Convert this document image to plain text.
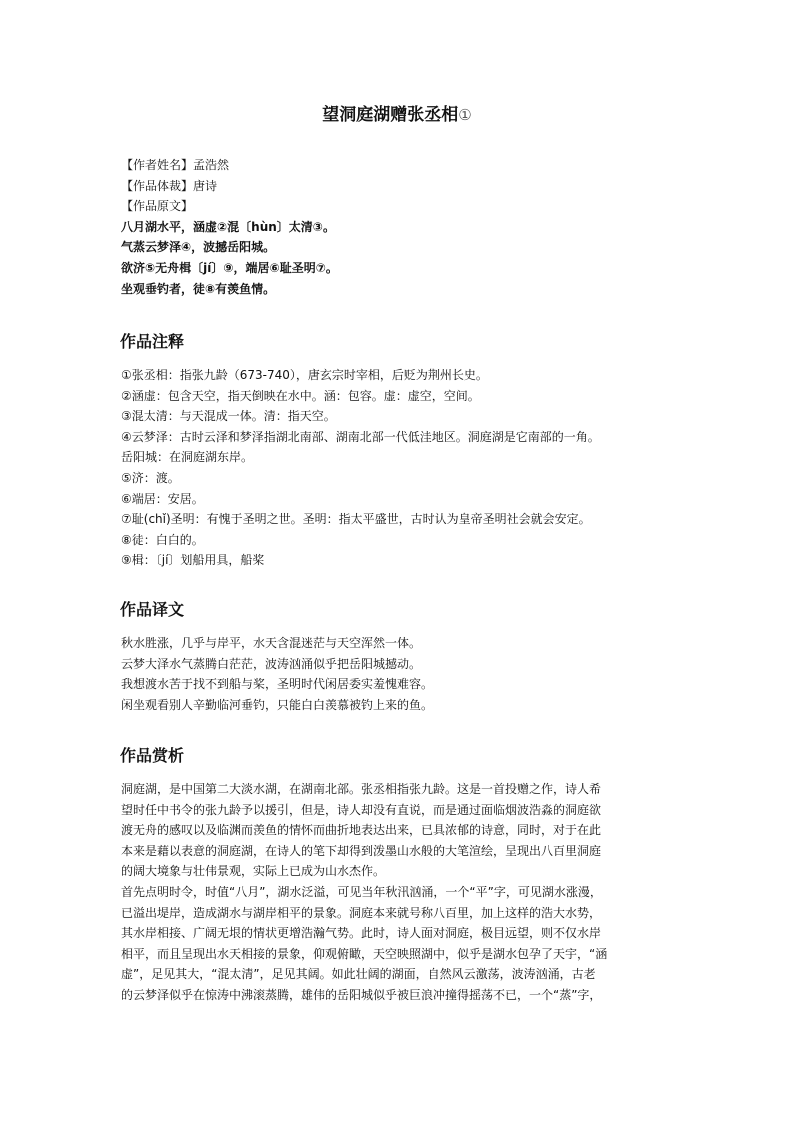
望洞庭湖赠张丞相①
【作者姓名】孟浩然
【作品体裁】唐诗
【作品原文】
八月湖水平，涵虚②混〔hùn〕太清③。
气蒸云梦泽④，波撼岳阳城。
欲济⑤无舟楫〔jí〕⑨，端居⑥耻圣明⑦。
坐观垂钓者，徒⑧有羡鱼情。
作品注释
①张丞相：指张九龄（673-740），唐玄宗时宰相，后贬为荆州长史。
②涵虚：包含天空，指天倒映在水中。涵：包容。虚：虚空，空间。
③混太清：与天混成一体。清：指天空。
④云梦泽：古时云泽和梦泽指湖北南部、湖南北部一代低洼地区。洞庭湖是它南部的一角。
岳阳城：在洞庭湖东岸。
⑤济：渡。
⑥端居：安居。
⑦耻(chǐ)圣明：有愧于圣明之世。圣明：指太平盛世，古时认为皇帝圣明社会就会安定。
⑧徒：白白的。
⑨楫：〔jí〕划船用具，船桨
作品译文
秋水胜涨，几乎与岸平，水天含混迷茫与天空浑然一体。
云梦大泽水气蒸腾白茫茫，波涛汹涌似乎把岳阳城撼动。
我想渡水苦于找不到船与桨，圣明时代闲居委实羞愧难容。
闲坐观看别人辛勤临河垂钓，只能白白羡慕被钓上来的鱼。
作品赏析
洞庭湖，是中国第二大淡水湖，在湖南北部。张丞相指张九龄。这是一首投赠之作，诗人希
望时任中书令的张九龄予以援引，但是，诗人却没有直说，而是通过面临烟波浩淼的洞庭欲
渡无舟的感叹以及临渊而羡鱼的情怀而曲折地表达出来，已具浓郁的诗意，同时，对于在此
本来是藉以表意的洞庭湖，在诗人的笔下却得到泼墨山水般的大笔渲绘，呈现出八百里洞庭
的阔大境象与壮伟景观，实际上已成为山水杰作。
首先点明时令，时值“八月”，湖水泛溢，可见当年秋汛汹涌，一个“平”字，可见湖水涨漫，
已溢出堤岸，造成湖水与湖岸相平的景象。洞庭本来就号称八百里，加上这样的浩大水势，
其水岸相接、广阔无垠的情状更增浩瀚气势。此时，诗人面对洞庭，极目远望，则不仅水岸
相平，而且呈现出水天相接的景象，仰观俯瞰，天空映照湖中，似乎是湖水包孕了天宇，“涵
虚”，足见其大，“混太清”，足见其阔。如此壮阔的湖面，自然风云激荡，波涛汹涌，古老
的云梦泽似乎在惊涛中沸滚蒸腾，雄伟的岳阳城似乎被巨浪冲撞得摇荡不已，一个“蒸”字，
